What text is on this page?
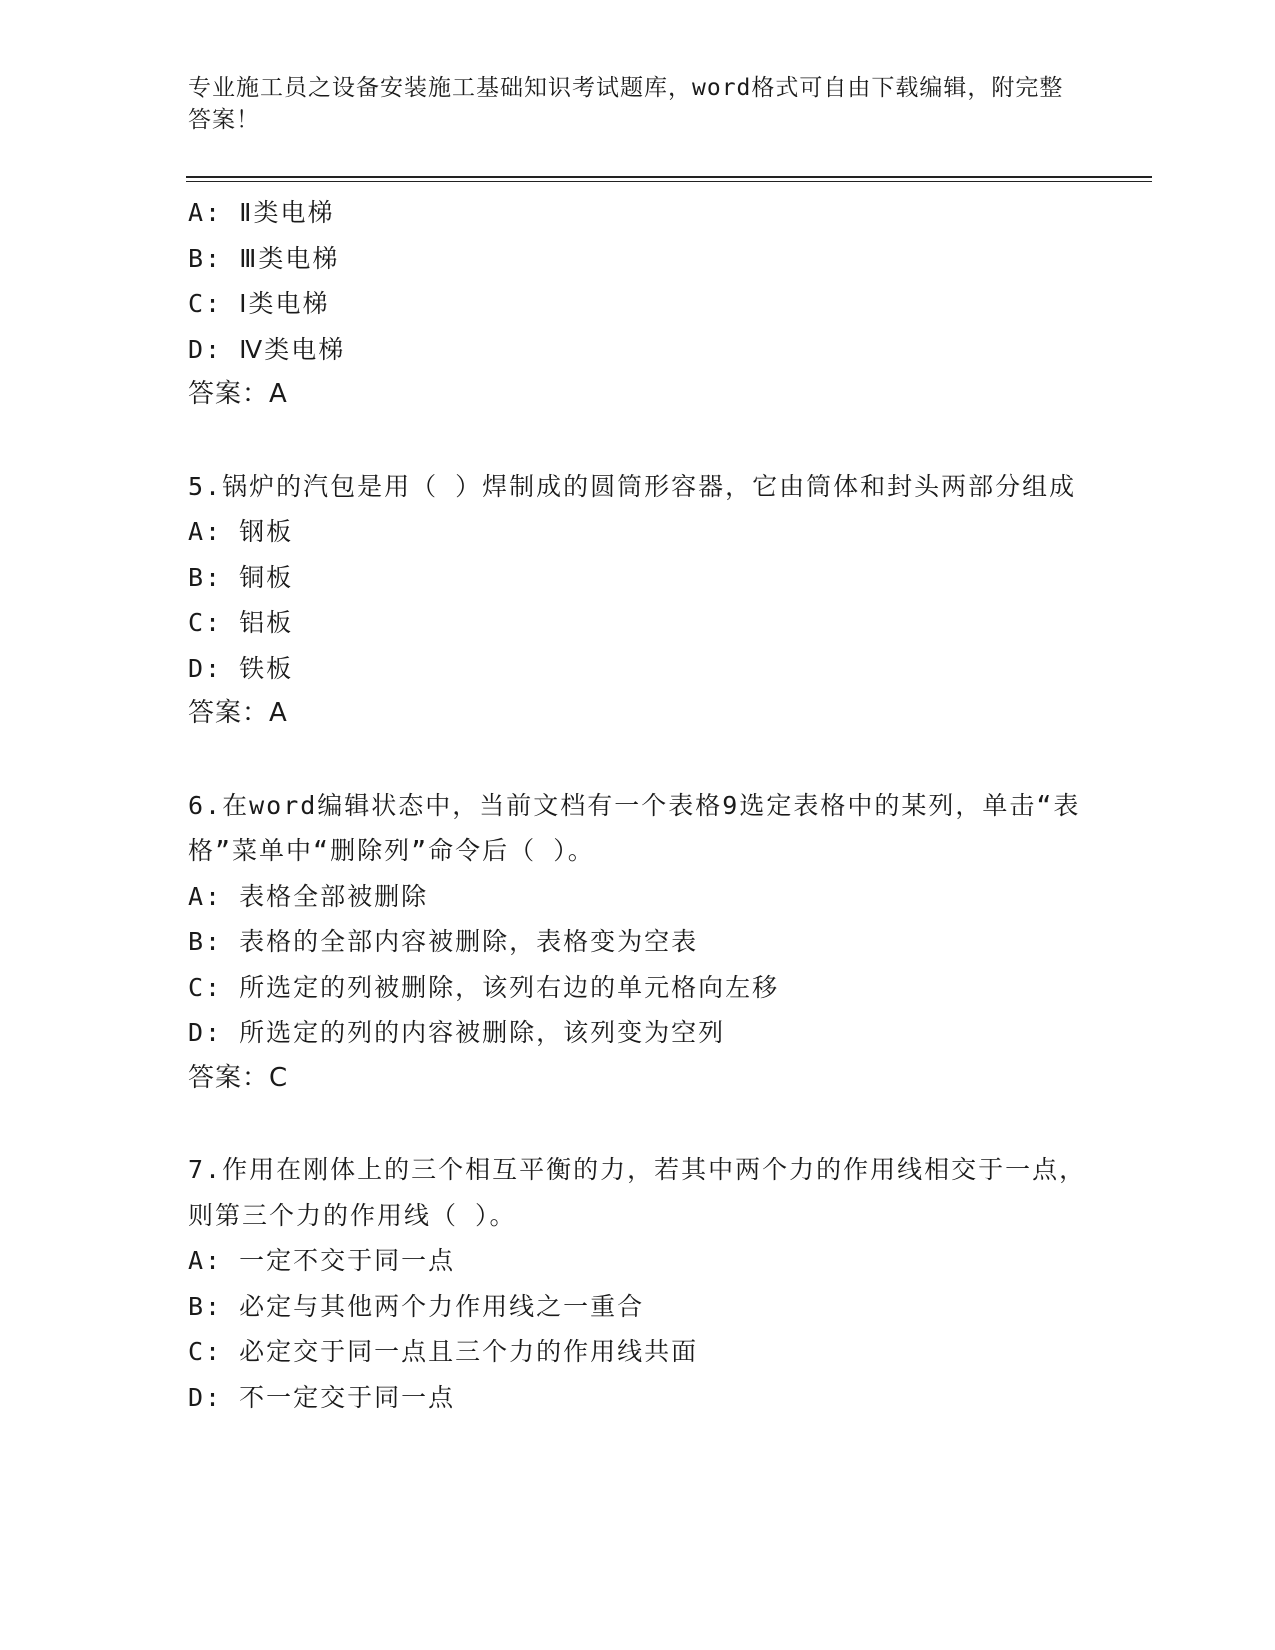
专业施工员之设备安装施工基础知识考试题库，word格式可自由下载编辑，附完整答案！
A: Ⅱ类电梯
B: Ⅲ类电梯
C: Ⅰ类电梯
D: Ⅳ类电梯
答案：A
5.锅炉的汽包是用（ ）焊制成的圆筒形容器，它由筒体和封头两部分组成
A: 钢板
B: 铜板
C: 铝板
D: 铁板
答案：A
6.在word编辑状态中，当前文档有一个表格9选定表格中的某列，单击“表格”菜单中“删除列”命令后（ ）。
A: 表格全部被删除
B: 表格的全部内容被删除，表格变为空表
C: 所选定的列被删除，该列右边的单元格向左移
D: 所选定的列的内容被删除，该列变为空列
答案：C
7.作用在刚体上的三个相互平衡的力，若其中两个力的作用线相交于一点，则第三个力的作用线（ ）。
A: 一定不交于同一点
B: 必定与其他两个力作用线之一重合
C: 必定交于同一点且三个力的作用线共面
D: 不一定交于同一点
